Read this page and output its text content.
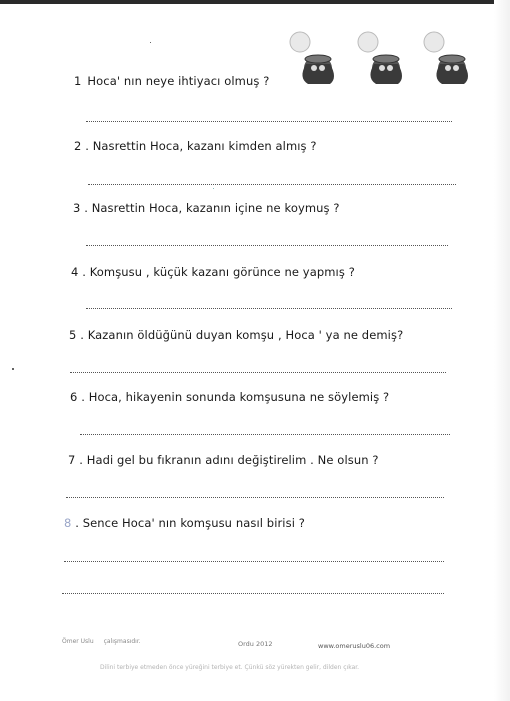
1 Hoca' nın neye ihtiyacı olmuş ?
2 . Nasrettin Hoca, kazanı kimden almış ?
3 . Nasrettin Hoca, kazanın içine ne koymuş ?
4 . Komşusu , küçük kazanı görünce ne yapmış ?
5 . Kazanın öldüğünü duyan komşu , Hoca ' ya ne demiş?
6 . Hoca, hikayenin sonunda komşusuna ne söylemiş ?
7 . Hadi gel bu fıkranın adını değiştirelim . Ne olsun ?
8 . Sence Hoca' nın komşusu nasıl birisi ?
Ömer Uslu çalışmasıdır.	Ordu 2012	www.omeruslu06.com
Dilini terbiye etmeden önce yüreğini terbiye et. Çünkü söz yürekten gelir, dilden çıkar.
